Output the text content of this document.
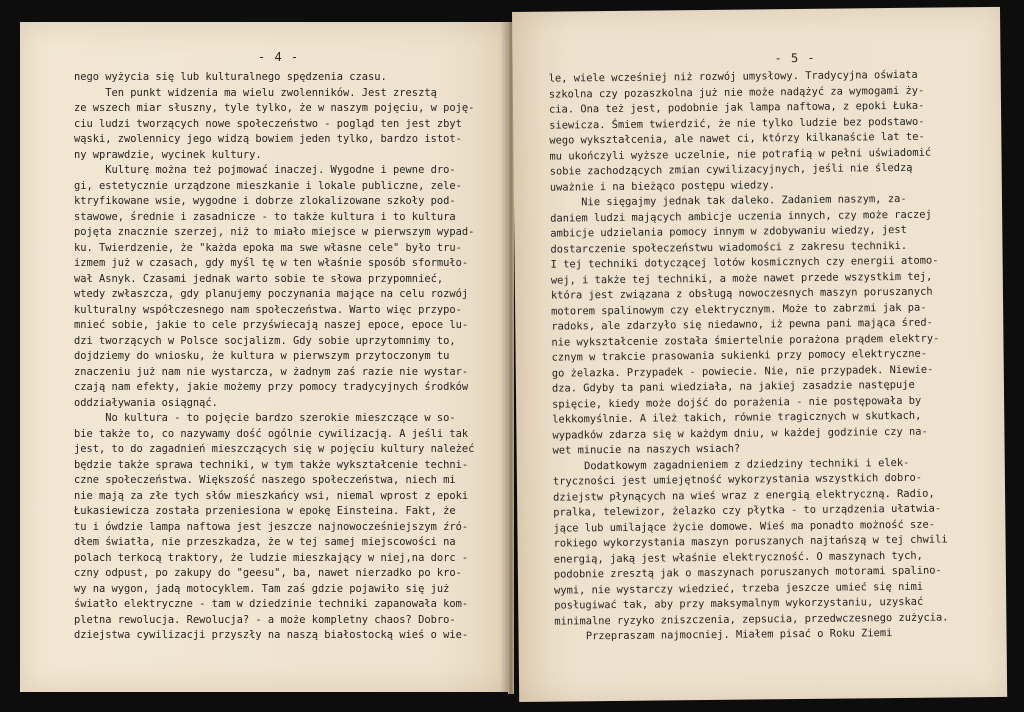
- 4 -
nego wyżycia się lub kulturalnego spędzenia czasu.
Ten punkt widzenia ma wielu zwolenników. Jest zresztą
ze wszech miar słuszny, tyle tylko, że w naszym pojęciu, w poję-
ciu ludzi tworzących nowe społeczeństwo - pogląd ten jest zbyt
wąski, zwolennicy jego widzą bowiem jeden tylko, bardzo istot-
ny wprawdzie, wycinek kultury.
Kulturę można też pojmować inaczej. Wygodne i pewne dro-
gi, estetycznie urządzone mieszkanie i lokale publiczne, zele-
ktryfikowane wsie, wygodne i dobrze zlokalizowane szkoły pod-
stawowe, średnie i zasadnicze - to także kultura i to kultura
pojęta znacznie szerzej, niż to miało miejsce w pierwszym wypad-
ku. Twierdzenie, że "każda epoka ma swe własne cele" było tru-
izmem już w czasach, gdy myśl tę w ten właśnie sposób sformuło-
wał Asnyk. Czasami jednak warto sobie te słowa przypomnieć,
wtedy zwłaszcza, gdy planujemy poczynania mające na celu rozwój
kulturalny współczesnego nam społeczeństwa. Warto więc przypo-
mnieć sobie, jakie to cele przyświecają naszej epoce, epoce lu-
dzi tworzących w Polsce socjalizm. Gdy sobie uprzytomnimy to,
dojdziemy do wniosku, że kultura w pierwszym przytoczonym tu
znaczeniu już nam nie wystarcza, w żadnym zaś razie nie wystar-
czają nam efekty, jakie możemy przy pomocy tradycyjnych środków
oddziaływania osiągnąć.
No kultura - to pojęcie bardzo szerokie mieszczące w so-
bie także to, co nazywamy dość ogólnie cywilizacją. A jeśli tak
jest, to do zagadnień mieszczących się w pojęciu kultury należeć
będzie także sprawa techniki, w tym także wykształcenie techni-
czne społeczeństwa. Większość naszego społeczeństwa, niech mi
nie mają za złe tych słów mieszkańcy wsi, niemal wprost z epoki
Łukasiewicza została przeniesiona w epokę Einsteina. Fakt, że
tu i ówdzie lampa naftowa jest jeszcze najnowocześniejszym źró-
dłem światła, nie przeszkadza, że w tej samej miejscowości na
polach terkocą traktory, że ludzie mieszkający w niej,na dorc -
czny odpust, po zakupy do "geesu", ba, nawet nierzadko po kro-
wy na wygon, jadą motocyklem. Tam zaś gdzie pojawiło się już
światło elektryczne - tam w dziedzinie techniki zapanowała kom-
pletna rewolucja. Rewolucja? - a może kompletny chaos? Dobro-
dziejstwa cywilizacji przyszły na naszą białostocką wieś o wie-
- 5 -
le, wiele wcześniej niż rozwój umysłowy. Tradycyjna oświata
szkolna czy pozaszkolna już nie może nadążyć za wymogami ży-
cia. Ona też jest, podobnie jak lampa naftowa, z epoki Łuka-
siewicza. Śmiem twierdzić, że nie tylko ludzie bez podstawo-
wego wykształcenia, ale nawet ci, którzy kilkanaście lat te-
mu ukończyli wyższe uczelnie, nie potrafią w pełni uświadomić
sobie zachodzących zmian cywilizacyjnych, jeśli nie śledzą
uważnie i na bieżąco postępu wiedzy.
Nie sięgajmy jednak tak daleko. Zadaniem naszym, za-
daniem ludzi mających ambicje uczenia innych, czy może raczej
ambicje udzielania pomocy innym w zdobywaniu wiedzy, jest
dostarczenie społeczeństwu wiadomości z zakresu techniki.
I tej techniki dotyczącej lotów kosmicznych czy energii atomo-
wej, i także tej techniki, a może nawet przede wszystkim tej,
która jest związana z obsługą nowoczesnych maszyn poruszanych
motorem spalinowym czy elektrycznym. Może to zabrzmi jak pa-
radoks, ale zdarzyło się niedawno, iż pewna pani mająca śred-
nie wykształcenie została śmiertelnie porażona prądem elektry-
cznym w trakcie prasowania sukienki przy pomocy elektryczne-
go żelazka. Przypadek - powiecie. Nie, nie przypadek. Niewie-
dza. Gdyby ta pani wiedziała, na jakiej zasadzie następuje
spięcie, kiedy może dojść do porażenia - nie postępowała by
lekkomyślnie. A ileż takich, równie tragicznych w skutkach,
wypadków zdarza się w każdym dniu, w każdej godzinie czy na-
wet minucie na naszych wsiach?
Dodatkowym zagadnieniem z dziedziny techniki i elek-
tryczności jest umiejętność wykorzystania wszystkich dobro-
dziejstw płynących na wieś wraz z energią elektryczną. Radio,
pralka, telewizor, żelazko czy płytka - to urządzenia ułatwia-
jące lub umilające życie domowe. Wieś ma ponadto możność sze-
rokiego wykorzystania maszyn poruszanych najtańszą w tej chwili
energią, jaką jest właśnie elektryczność. O maszynach tych,
podobnie zresztą jak o maszynach poruszanych motorami spalino-
wymi, nie wystarczy wiedzieć, trzeba jeszcze umieć się nimi
posługiwać tak, aby przy maksymalnym wykorzystaniu, uzyskać
minimalne ryzyko zniszczenia, zepsucia, przedwczesnego zużycia.
Przepraszam najmocniej. Miałem pisać o Roku Ziemi
